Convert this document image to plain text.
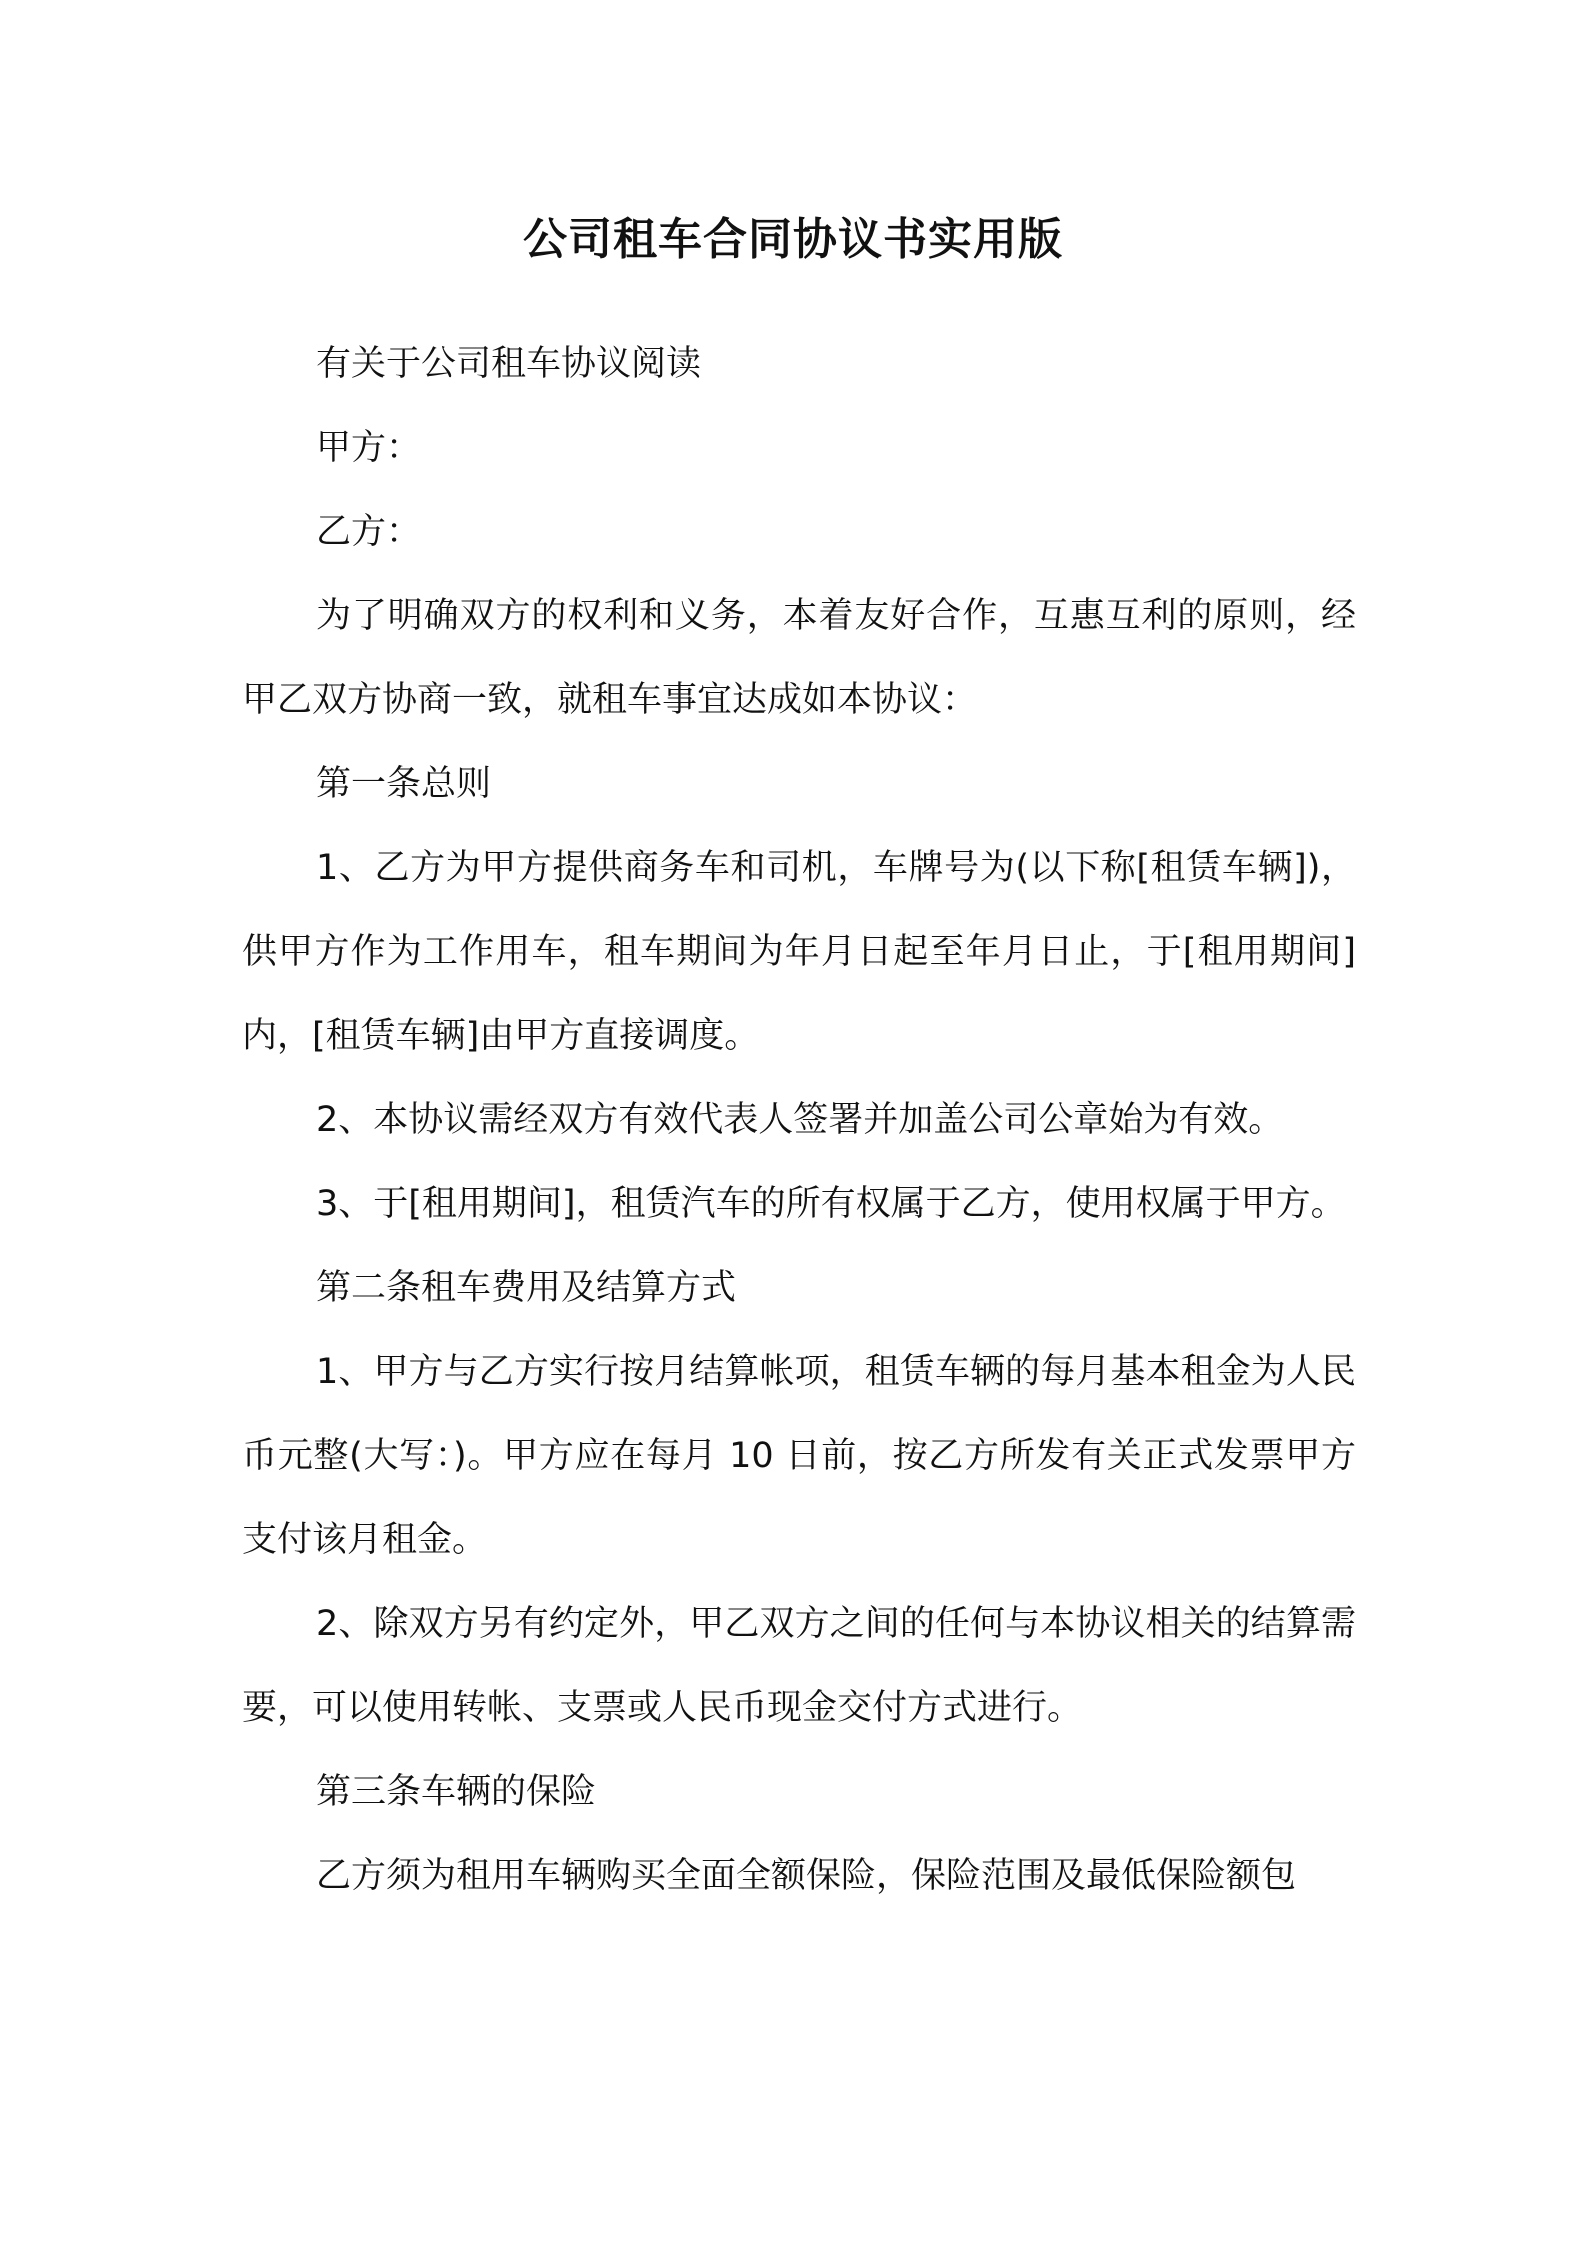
公司租车合同协议书实用版

有关于公司租车协议阅读

甲方：

乙方：

为了明确双方的权利和义务，本着友好合作，互惠互利的原则，经甲乙双方协商一致，就租车事宜达成如本协议：

第一条总则

1、乙方为甲方提供商务车和司机，车牌号为(以下称[租赁车辆])，供甲方作为工作用车，租车期间为年月日起至年月日止，于[租用期间]内，[租赁车辆]由甲方直接调度。

2、本协议需经双方有效代表人签署并加盖公司公章始为有效。

3、于[租用期间]，租赁汽车的所有权属于乙方，使用权属于甲方。

第二条租车费用及结算方式

1、甲方与乙方实行按月结算帐项，租赁车辆的每月基本租金为人民币元整(大写：)。甲方应在每月 10 日前，按乙方所发有关正式发票甲方支付该月租金。

2、除双方另有约定外，甲乙双方之间的任何与本协议相关的结算需要，可以使用转帐、支票或人民币现金交付方式进行。

第三条车辆的保险

乙方须为租用车辆购买全面全额保险，保险范围及最低保险额包
